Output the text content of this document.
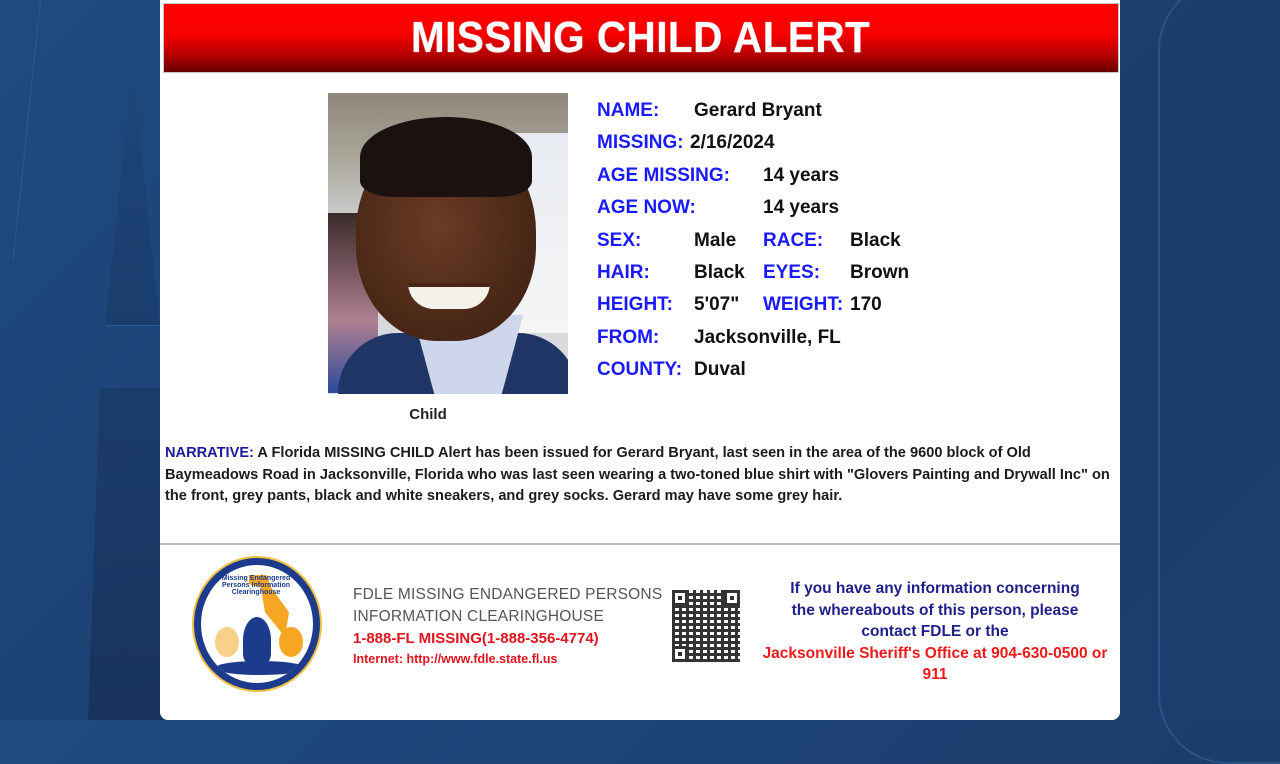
MISSING CHILD ALERT
Child
NAME: Gerard Bryant
MISSING: 2/16/2024
AGE MISSING: 14 years
AGE NOW:	14 years
SEX:	Male RACE: Black
HAIR: Black EYES: Brown
HEIGHT: 5'07" WEIGHT: 170
FROM: Jacksonville, FL
COUNTY: Duval
NARRATIVE: A Florida MISSING CHILD Alert has been issued for Gerard Bryant, last seen in the area of the 9600 block of Old Baymeadows Road in Jacksonville, Florida who was last seen wearing a two-toned blue shirt with "Glovers Painting and Drywall Inc" on the front, grey pants, black and white sneakers, and grey socks. Gerard may have some grey hair.
Missing Endangered Persons Information Clearinghouse	FDLE MISSING ENDANGERED PERSONS
INFORMATION CLEARINGHOUSE
1-888-FL MISSING(1-888-356-4774)
Internet: http://www.fdle.state.fl.us
If you have any information concerning
the whereabouts of this person, please
contact FDLE or the
Jacksonville Sheriff's Office at 904-630-0500 or
911
